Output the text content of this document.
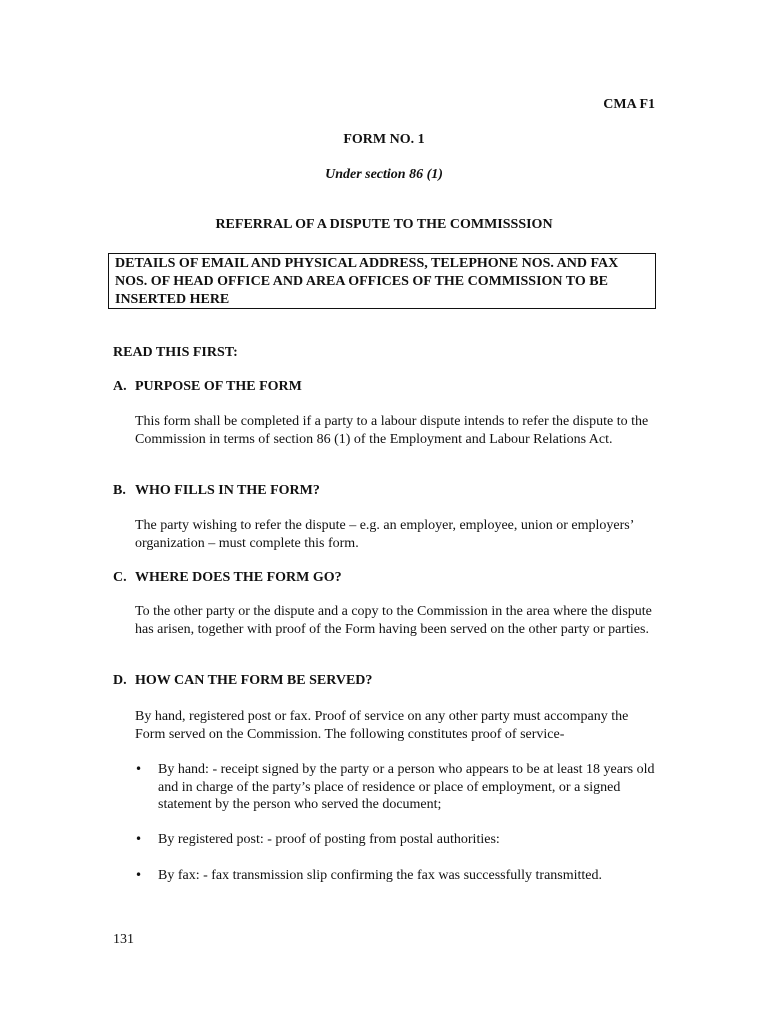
CMA F1
FORM NO. 1
Under section 86 (1)
REFERRAL OF A DISPUTE TO THE COMMISSSION
DETAILS OF EMAIL AND PHYSICAL ADDRESS, TELEPHONE NOS. AND FAX NOS. OF HEAD OFFICE AND AREA OFFICES OF THE COMMISSION TO BE INSERTED HERE
READ THIS FIRST:
A. PURPOSE OF THE FORM
This form shall be completed if a party to a labour dispute intends to refer the dispute to the Commission in terms of section 86 (1) of the Employment and Labour Relations Act.
B. WHO FILLS IN THE FORM?
The party wishing to refer the dispute – e.g. an employer, employee, union or employers’ organization – must complete this form.
C. WHERE DOES THE FORM GO?
To the other party or the dispute and a copy to the Commission in the area where the dispute has arisen, together with proof of the Form having been served on the other party or parties.
D. HOW CAN THE FORM BE SERVED?
By hand, registered post or fax. Proof of service on any other party must accompany the Form served on the Commission. The following constitutes proof of service-
•	By hand: - receipt signed by the party or a person who appears to be at least 18 years old and in charge of the party’s place of residence or place of employment, or a signed statement by the person who served the document;
•	By registered post: - proof of posting from postal authorities:
•	By fax: - fax transmission slip confirming the fax was successfully transmitted.
131
